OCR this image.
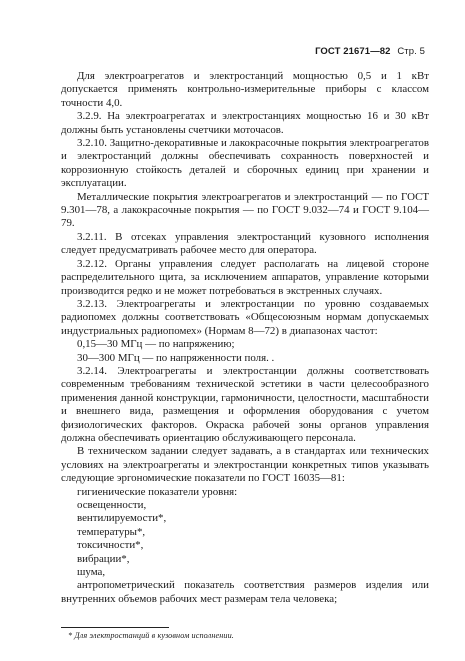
ГОСТ 21671—82 Стр. 5

Для электроагрегатов и электростанций мощностью 0,5 и 1 кВт допускается применять контрольно-измерительные приборы с классом точности 4,0.

3.2.9. На электроагрегатах и электростанциях мощностью 16 и 30 кВт должны быть установлены счетчики моточасов.

3.2.10. Защитно-декоративные и лакокрасочные покрытия электроагрегатов и электростанций должны обеспечивать сохранность поверхностей и коррозионную стойкость деталей и сборочных единиц при хранении и эксплуатации.

Металлические покрытия электроагрегатов и электростанций — по ГОСТ 9.301—78, а лакокрасочные покрытия — по ГОСТ 9.032—74 и ГОСТ 9.104—79.

3.2.11. В отсеках управления электростанций кузовного исполнения следует предусматривать рабочее место для оператора.

3.2.12. Органы управления следует располагать на лицевой стороне распределительного щита, за исключением аппаратов, управление которыми производится редко и не может потребоваться в экстренных случаях.

3.2.13. Электроагрегаты и электростанции по уровню создаваемых радиопомех должны соответствовать «Общесоюзным нормам допускаемых индустриальных радиопомех» (Нормам 8—72) в диапазонах частот:

0,15—30 МГц — по напряжению;

30—300 МГц — по напряженности поля. .

3.2.14. Электроагрегаты и электростанции должны соответствовать современным требованиям технической эстетики в части целесообразного применения данной конструкции, гармоничности, целостности, масштабности и внешнего вида, размещения и оформления оборудования с учетом физиологических факторов. Окраска рабочей зоны органов управления должна обеспечивать ориентацию обслуживающего персонала.

В техническом задании следует задавать, а в стандартах или технических условиях на электроагрегаты и электростанции конкретных типов указывать следующие эргономические показатели по ГОСТ 16035—81:

гигиенические показатели уровня:
освещенности,
вентилируемости*,
температуры*,
токсичности*,
вибрации*,
шума,

антропометрический показатель соответствия размеров изделия или внутренних объемов рабочих мест размерам тела человека;

* Для электростанций в кузовном исполнении.
